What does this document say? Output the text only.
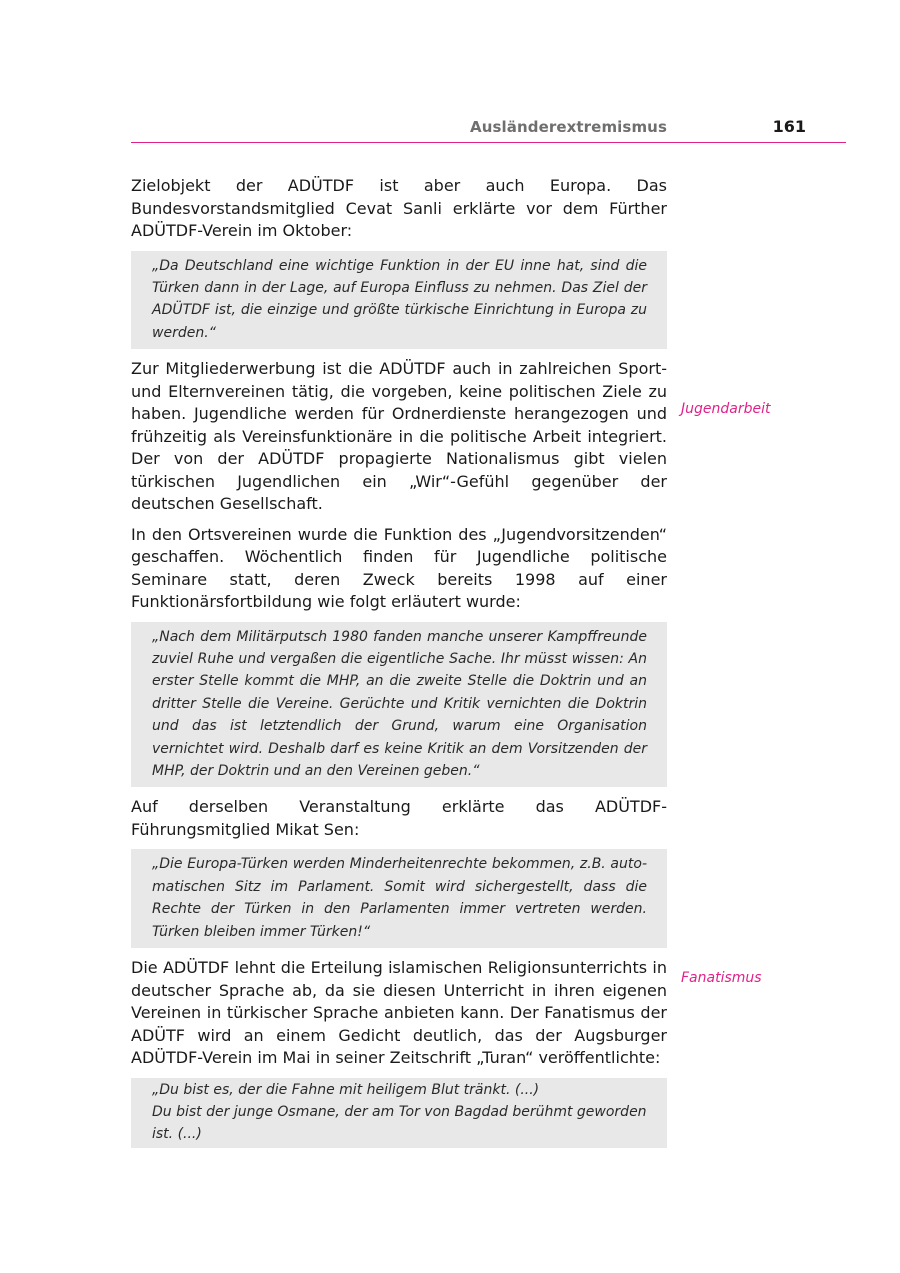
Ausländerextremismus	161

Zielobjekt der ADÜTDF ist aber auch Europa. Das Bundesvorstandsmitglied Cevat Sanli erklärte vor dem Fürther ADÜTDF-Verein im Oktober:

„Da Deutschland eine wichtige Funktion in der EU inne hat, sind die Türken dann in der Lage, auf Europa Einfluss zu nehmen. Das Ziel der ADÜTDF ist, die einzige und größte türkische Einrichtung in Europa zu werden.“

Zur Mitgliederwerbung ist die ADÜTDF auch in zahlreichen Sport- und Elternvereinen tätig, die vorgeben, keine politischen Ziele zu haben. Jugendliche werden für Ordnerdienste herangezogen und frühzeitig als Vereinsfunktionäre in die politische Arbeit integriert. Der von der ADÜTDF propagierte Nationalismus gibt vielen türkischen Jugendlichen ein „Wir“-Gefühl gegenüber der deutschen Gesellschaft.

In den Ortsvereinen wurde die Funktion des „Jugendvorsitzenden“ geschaffen. Wöchentlich finden für Jugendliche politische Seminare statt, deren Zweck bereits 1998 auf einer Funktionärsfortbildung wie folgt erläutert wurde:

„Nach dem Militärputsch 1980 fanden manche unserer Kampffreunde zuviel Ruhe und vergaßen die eigentliche Sache. Ihr müsst wissen: An erster Stelle kommt die MHP, an die zweite Stelle die Doktrin und an dritter Stelle die Vereine. Gerüchte und Kritik vernichten die Doktrin und das ist letztendlich der Grund, warum eine Organisation vernichtet wird. Deshalb darf es keine Kritik an dem Vorsitzenden der MHP, der Doktrin und an den Vereinen geben.“

Auf derselben Veranstaltung erklärte das ADÜTDF-Führungsmitglied Mikat Sen:

„Die Europa-Türken werden Minderheitenrechte bekommen, z.B. automatischen Sitz im Parlament. Somit wird sichergestellt, dass die Rechte der Türken in den Parlamenten immer vertreten werden. Türken bleiben immer Türken!“

Die ADÜTDF lehnt die Erteilung islamischen Religionsunterrichts in deutscher Sprache ab, da sie diesen Unterricht in ihren eigenen Vereinen in türkischer Sprache anbieten kann. Der Fanatismus der ADÜTF wird an einem Gedicht deutlich, das der Augsburger ADÜTDF-Verein im Mai in seiner Zeitschrift „Turan“ veröffentlichte:

„Du bist es, der die Fahne mit heiligem Blut tränkt. (...)
Du bist der junge Osmane, der am Tor von Bagdad berühmt geworden ist. (...)
Jugendarbeit
Fanatismus
